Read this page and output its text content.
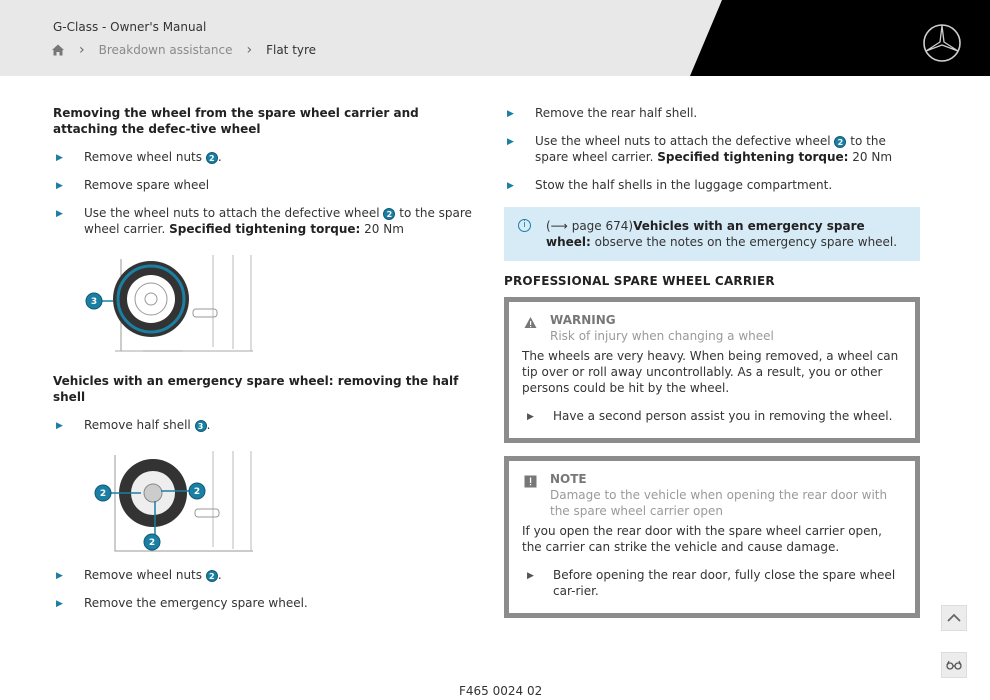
G-Class - Owner's Manual
› Breakdown assistance › Flat tyre
Removing the wheel from the spare wheel carrier and attaching the defec-tive wheel
▶ Remove wheel nuts 2 .
▶ Remove spare wheel
▶ Use the wheel nuts to attach the defective wheel 2 to the spare wheel carrier. Specified tightening torque: 20 Nm
3
Vehicles with an emergency spare wheel: removing the half shell
▶ Remove half shell 3 .
2	2
2
▶ Remove wheel nuts 2 .
▶ Remove the emergency spare wheel.
▶ Remove the rear half shell.
▶ Use the wheel nuts to attach the defective wheel 2 to the spare wheel carrier. Specified tightening torque: 20 Nm
▶ Stow the half shells in the luggage compartment.
i	(⟶ page 674)Vehicles with an emergency spare wheel: observe the notes on the emergency spare wheel.
PROFESSIONAL SPARE WHEEL CARRIER
WARNING
Risk of injury when changing a wheel
The wheels are very heavy. When being removed, a wheel can tip over or roll away uncontrollably. As a result, you or other persons could be hit by the wheel.
▶ Have a second person assist you in removing the wheel.
NOTE
Damage to the vehicle when opening the rear door with the spare wheel carrier open
If you open the rear door with the spare wheel carrier open, the carrier can strike the vehicle and cause damage.
▶ Before opening the rear door, fully close the spare wheel car-rier.
F465 0024 02
